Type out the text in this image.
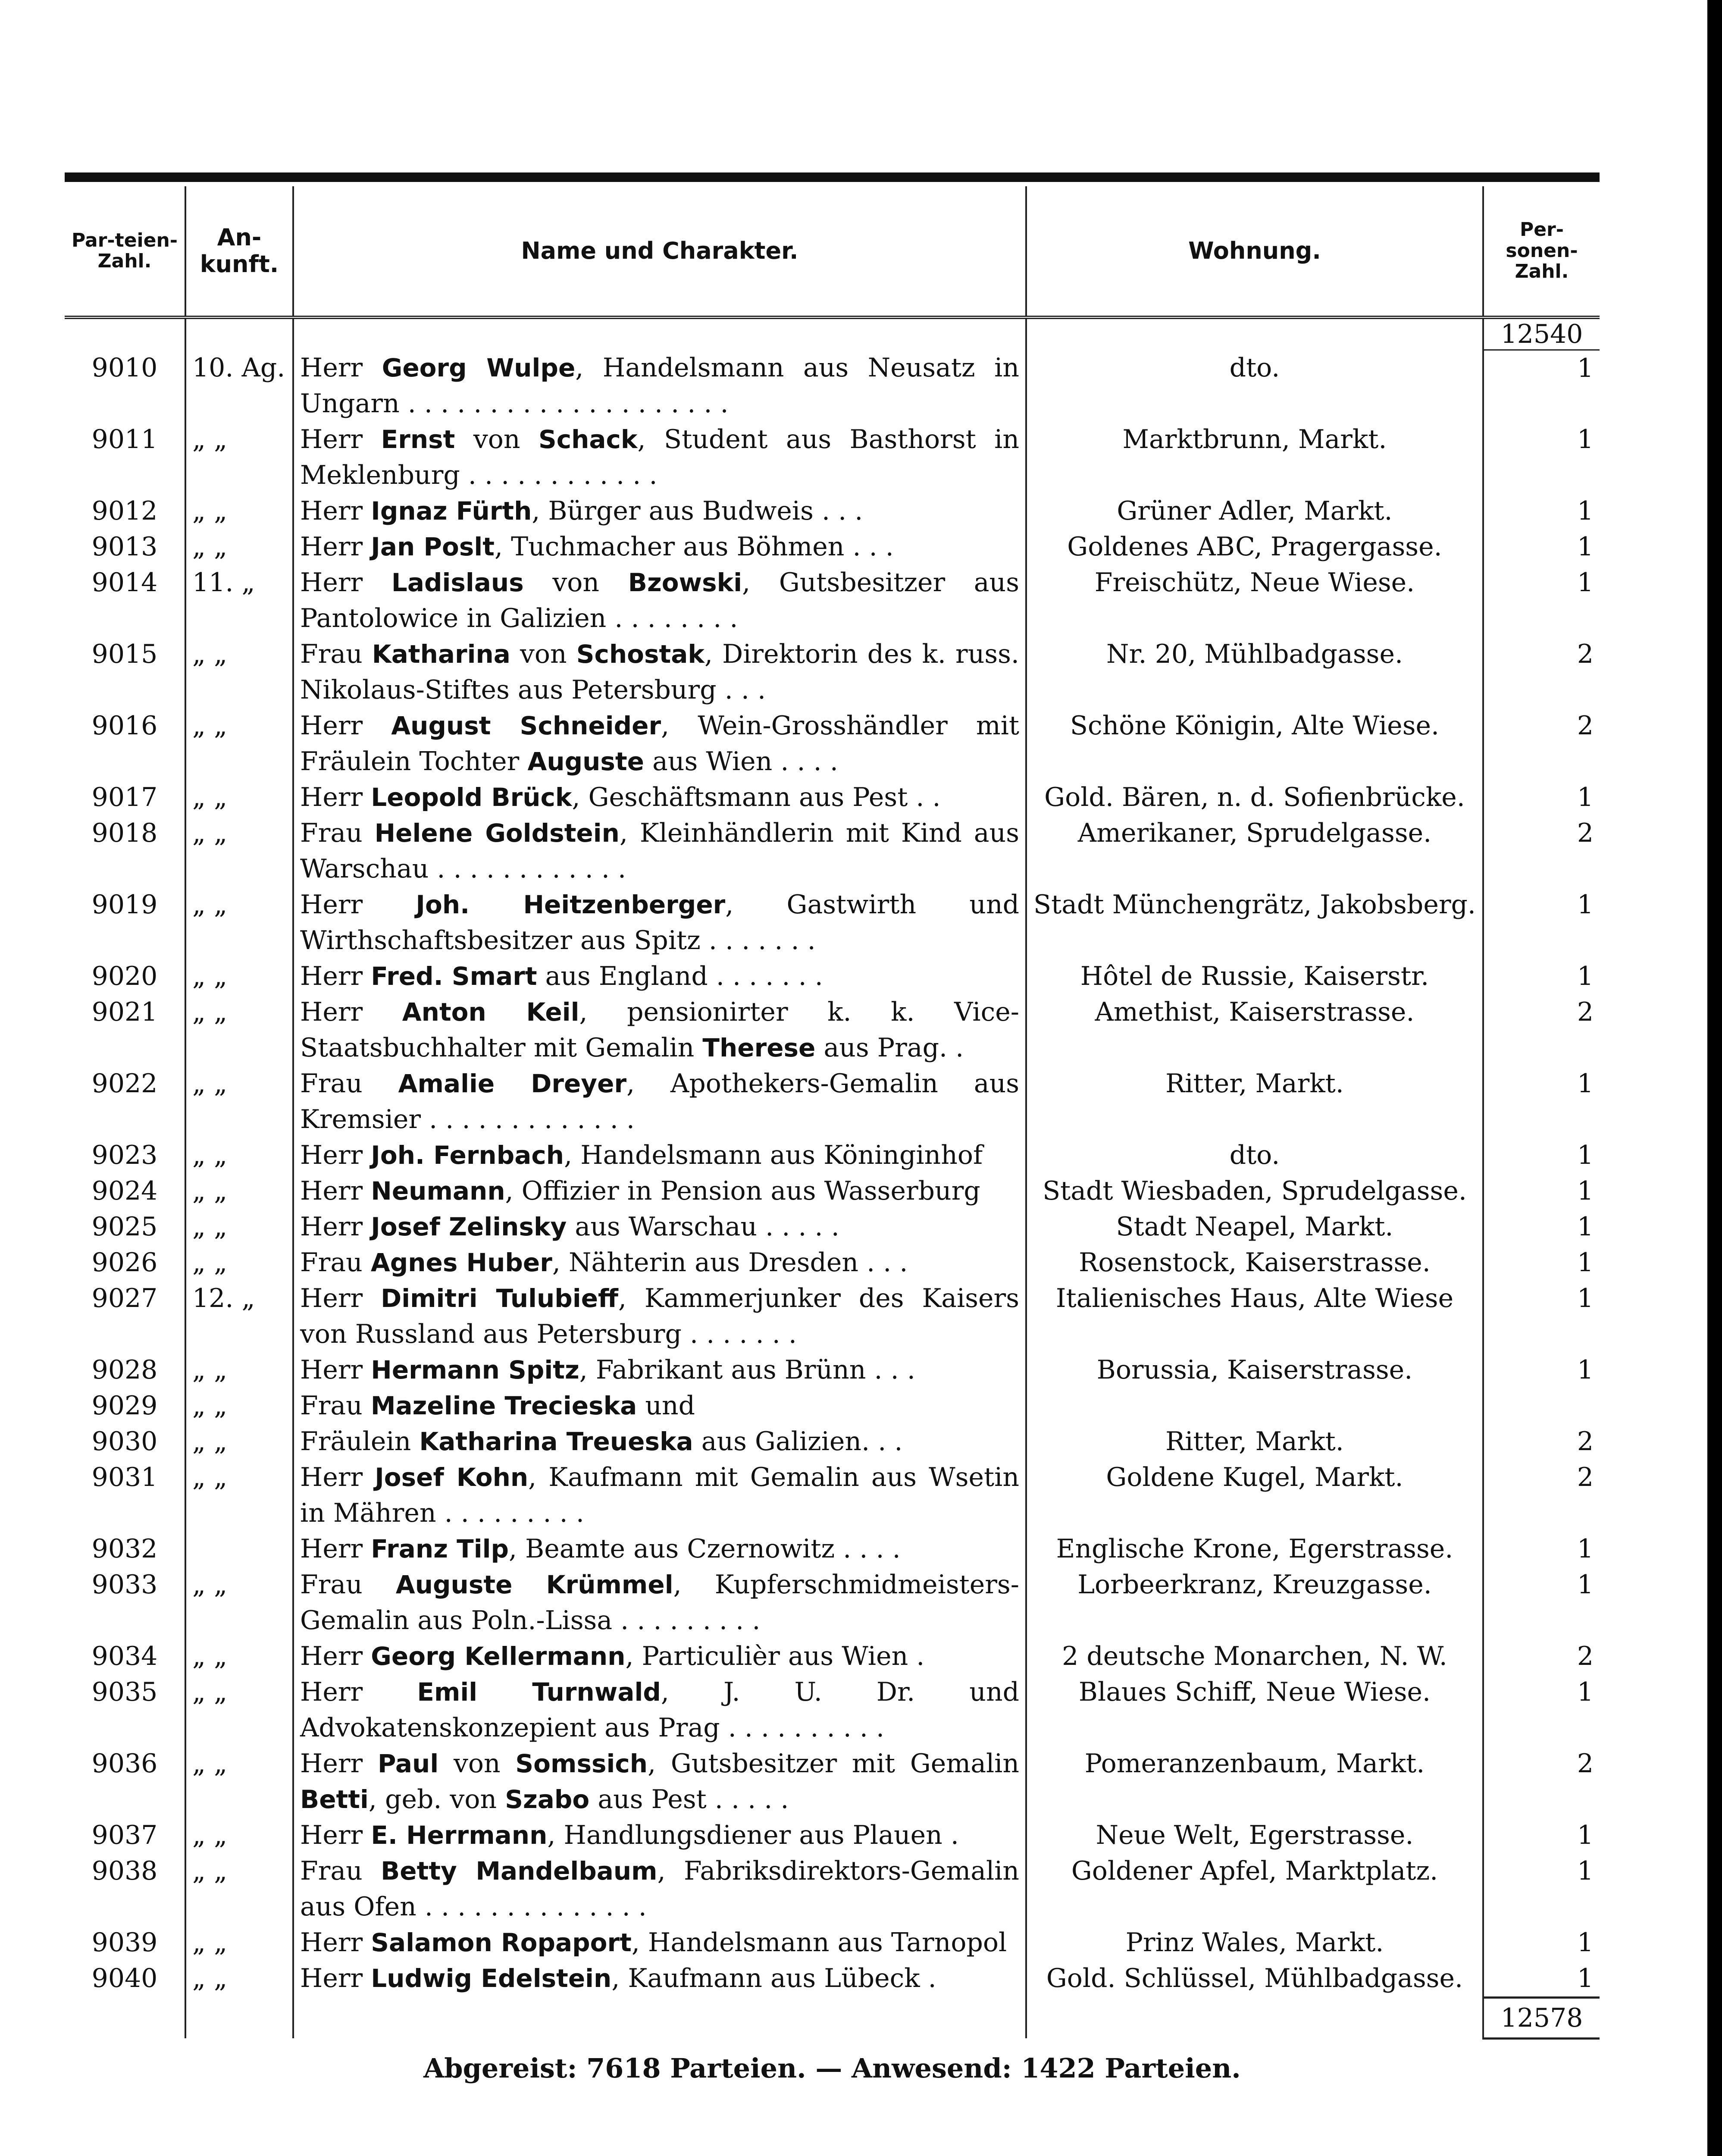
Par-teien-Zahl.	An-kunft.	Name und Charakter.	Wohnung.	Per-sonen-Zahl.
				12540
9010	10. Ag.	Herr Georg Wulpe, Handelsmann aus Neusatz in Ungarn . . . . . . . . . . . . . . . . . . . .	dto.	1
9011	„ „	Herr Ernst von Schack, Student aus Basthorst in Meklenburg . . . . . . . . . . . .	Marktbrunn, Markt.	1
9012	„ „	Herr Ignaz Fürth, Bürger aus Budweis . . .	Grüner Adler, Markt.	1
9013	„ „	Herr Jan Poslt, Tuchmacher aus Böhmen . . .	Goldenes ABC, Pragergasse.	1
9014	11. „	Herr Ladislaus von Bzowski, Gutsbesitzer aus Pantolowice in Galizien . . . . . . . .	Freischütz, Neue Wiese.	1
9015	„ „	Frau Katharina von Schostak, Direktorin des k. russ. Nikolaus-Stiftes aus Petersburg . . .	Nr. 20, Mühlbadgasse.	2
9016	„ „	Herr August Schneider, Wein-Grosshändler mit Fräulein Tochter Auguste aus Wien . . . .	Schöne Königin, Alte Wiese.	2
9017	„ „	Herr Leopold Brück, Geschäftsmann aus Pest . .	Gold. Bären, n. d. Sofienbrücke.	1
9018	„ „	Frau Helene Goldstein, Kleinhändlerin mit Kind aus Warschau . . . . . . . . . . . .	Amerikaner, Sprudelgasse.	2
9019	„ „	Herr Joh. Heitzenberger, Gastwirth und Wirthschaftsbesitzer aus Spitz . . . . . . .	Stadt Münchengrätz, Jakobsberg.	1
9020	„ „	Herr Fred. Smart aus England . . . . . . .	Hôtel de Russie, Kaiserstr.	1
9021	„ „	Herr Anton Keil, pensionirter k. k. Vice-Staatsbuchhalter mit Gemalin Therese aus Prag. .	Amethist, Kaiserstrasse.	2
9022	„ „	Frau Amalie Dreyer, Apothekers-Gemalin aus Kremsier . . . . . . . . . . . . .	Ritter, Markt.	1
9023	„ „	Herr Joh. Fernbach, Handelsmann aus Köninginhof	dto.	1
9024	„ „	Herr Neumann, Offizier in Pension aus Wasserburg	Stadt Wiesbaden, Sprudelgasse.	1
9025	„ „	Herr Josef Zelinsky aus Warschau . . . . .	Stadt Neapel, Markt.	1
9026	„ „	Frau Agnes Huber, Nähterin aus Dresden . . .	Rosenstock, Kaiserstrasse.	1
9027	12. „	Herr Dimitri Tulubieff, Kammerjunker des Kaisers von Russland aus Petersburg . . . . . . .	Italienisches Haus, Alte Wiese	1
9028	„ „	Herr Hermann Spitz, Fabrikant aus Brünn . . .	Borussia, Kaiserstrasse.	1
9029	„ „	Frau Mazeline Trecieska und		

9030	„ „	Fräulein Katharina Treueska aus Galizien. . .	Ritter, Markt.	2
9031	„ „	Herr Josef Kohn, Kaufmann mit Gemalin aus Wsetin in Mähren . . . . . . . . .	Goldene Kugel, Markt.	2
9032		Herr Franz Tilp, Beamte aus Czernowitz . . . .	Englische Krone, Egerstrasse.	1
9033	„ „	Frau Auguste Krümmel, Kupferschmidmeisters-Gemalin aus Poln.-Lissa . . . . . . . . .	Lorbeerkranz, Kreuzgasse.	1
9034	„ „	Herr Georg Kellermann, Particulièr aus Wien .	2 deutsche Monarchen, N. W.	2
9035	„ „	Herr Emil Turnwald, J. U. Dr. und Advokatenskonzepient aus Prag . . . . . . . . . .	Blaues Schiff, Neue Wiese.	1
9036	„ „	Herr Paul von Somssich, Gutsbesitzer mit Gemalin Betti, geb. von Szabo aus Pest . . . . .	Pomeranzenbaum, Markt.	2
9037	„ „	Herr E. Herrmann, Handlungsdiener aus Plauen .	Neue Welt, Egerstrasse.	1
9038	„ „	Frau Betty Mandelbaum, Fabriksdirektors-Gemalin aus Ofen . . . . . . . . . . . . . .	Goldener Apfel, Marktplatz.	1
9039	„ „	Herr Salamon Ropaport, Handelsmann aus Tarnopol	Prinz Wales, Markt.	1
9040	„ „	Herr Ludwig Edelstein, Kaufmann aus Lübeck .	Gold. Schlüssel, Mühlbadgasse.	1
				12578
Abgereist: 7618 Parteien. — Anwesend: 1422 Parteien.
